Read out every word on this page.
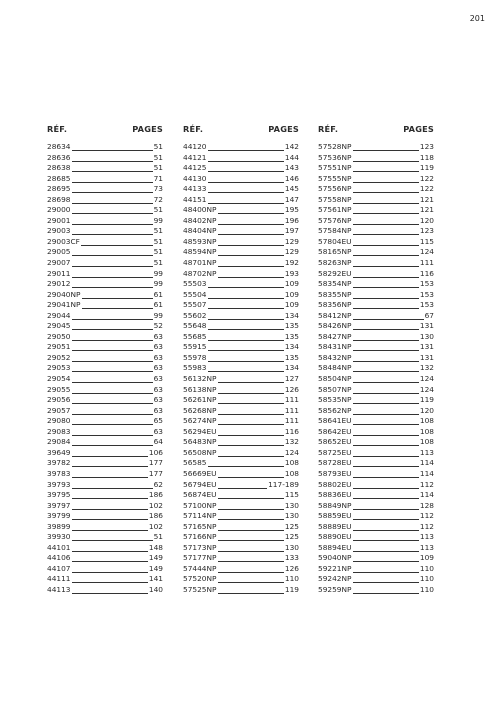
201
RÉF.	PAGES
28634	51
28636	51
28638	51
28685	71
28695	73
28698	72
29000	51
29001	99
29003	51
29003CF	51
29005	51
29007	51
29011	99
29012	99
29040NP	61
29041NP	61
29044	99
29045	52
29050	63
29051	63
29052	63
29053	63
29054	63
29055	63
29056	63
29057	63
29080	65
29083	63
29084	64
39649	106
39782	177
39783	177
39793	62
39795	186
39797	102
39799	186
39899	102
39930	51
44101	148
44106	149
44107	149
44111	141
44113	140
RÉF.	PAGES
44120	142
44121	144
44125	143
44130	146
44133	145
44151	147
48400NP	195
48402NP	196
48404NP	197
48593NP	129
48594NP	129
48701NP	192
48702NP	193
55503	109
55504	109
55507	109
55602	134
55648	135
55685	135
55915	134
55978	135
55983	134
56132NP	127
56138NP	126
56261NP	111
56268NP	111
56274NP	111
56294EU	116
56483NP	132
56508NP	124
56585	108
56669EU	108
56794EU	117-189
56874EU	115
57100NP	130
57114NP	130
57165NP	125
57166NP	125
57173NP	130
57177NP	133
57444NP	126
57520NP	110
57525NP	119
RÉF.	PAGES
57528NP	123
57536NP	118
57551NP	119
57555NP	122
57556NP	122
57558NP	121
57561NP	121
57576NP	120
57584NP	123
57804EU	115
58165NP	124
58263NP	111
58292EU	116
58354NP	153
58355NP	153
58356NP	153
58412NP	67
58426NP	131
58427NP	130
58431NP	131
58432NP	131
58484NP	132
58504NP	124
58507NP	124
58535NP	119
58562NP	120
58641EU	108
58642EU	108
58652EU	108
58725EU	113
58728EU	114
58793EU	114
58802EU	112
58836EU	114
58849NP	128
58859EU	112
58889EU	112
58890EU	113
58894EU	113
59040NP	109
59221NP	110
59242NP	110
59259NP	110
